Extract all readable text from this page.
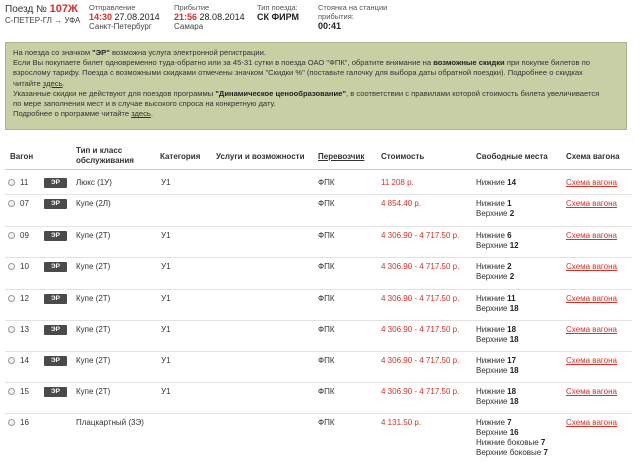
Поезд № 107Ж
С-ПЕТЕР-ГЛ → УФА
Отправление
14:30 27.08.2014
Санкт-Петербург
Прибытие
21:56 28.08.2014
Самара
Тип поезда:
СК ФИРМ
Стоянка на станции
прибытия:
00:41
На поезда со значком "ЭР" возможна услуга электронной регистрации.
Если Вы покупаете билет одновременно туда-обратно или за 45-31 сутки в поезда ОАО "ФПК", обратите внимание на возможные скидки при покупке билетов по
взрослому тарифу. Поезда с возможными скидками отмечены значком "Скидки %" (поставьте галочку для выбора даты обратной поездки). Подробнее о скидках
читайте здесь.
Указанные скидки не действуют для поездов программы "Динамическое ценообразование", в соответствии с правилами которой стоимость билета увеличивается
по мере заполнения мест и в случае высокого спроса на конкретную дату.
Подробнее о программе читайте здесь.
Вагон
Тип и класс
обслуживания	Категория Услуги и возможности Перевозчик Стоимость	Свободные места Схема вагона
11	ЭР	Люкс (1У)	У1	ФПК	11 208 р.	Нижние 14	Схема вагона
07	ЭР	Купе (2Л)	ФПК	4 854.40 р.	Нижние 1
Верхние 2
Схема вагона
09	ЭР	Купе (2Т)	У1	ФПК	4 306.90 - 4 717.50 р. Нижние 6
Верхние 12
Схема вагона
10	ЭР	Купе (2Т)	У1	ФПК	4 306.90 - 4 717.50 р. Нижние 2
Верхние 2
Схема вагона
12	ЭР	Купе (2Т)	У1	ФПК	4 306.90 - 4 717.50 р. Нижние 11
Верхние 18
Схема вагона
13	ЭР	Купе (2Т)	У1	ФПК	4 306.90 - 4 717.50 р. Нижние 18
Верхние 18
Схема вагона
14	ЭР	Купе (2Т)	У1	ФПК	4 306.90 - 4 717.50 р. Нижние 17
Верхние 18
Схема вагона
15	ЭР	Купе (2Т)	У1	ФПК	4 306.90 - 4 717.50 р. Нижние 18
Верхние 18
Схема вагона
16	Плацкартный (3Э)	ФПК	4 131.50 р.	Нижние 7
Верхние 16
Нижние боковые 7
Верхние боковые 7
Схема вагона
